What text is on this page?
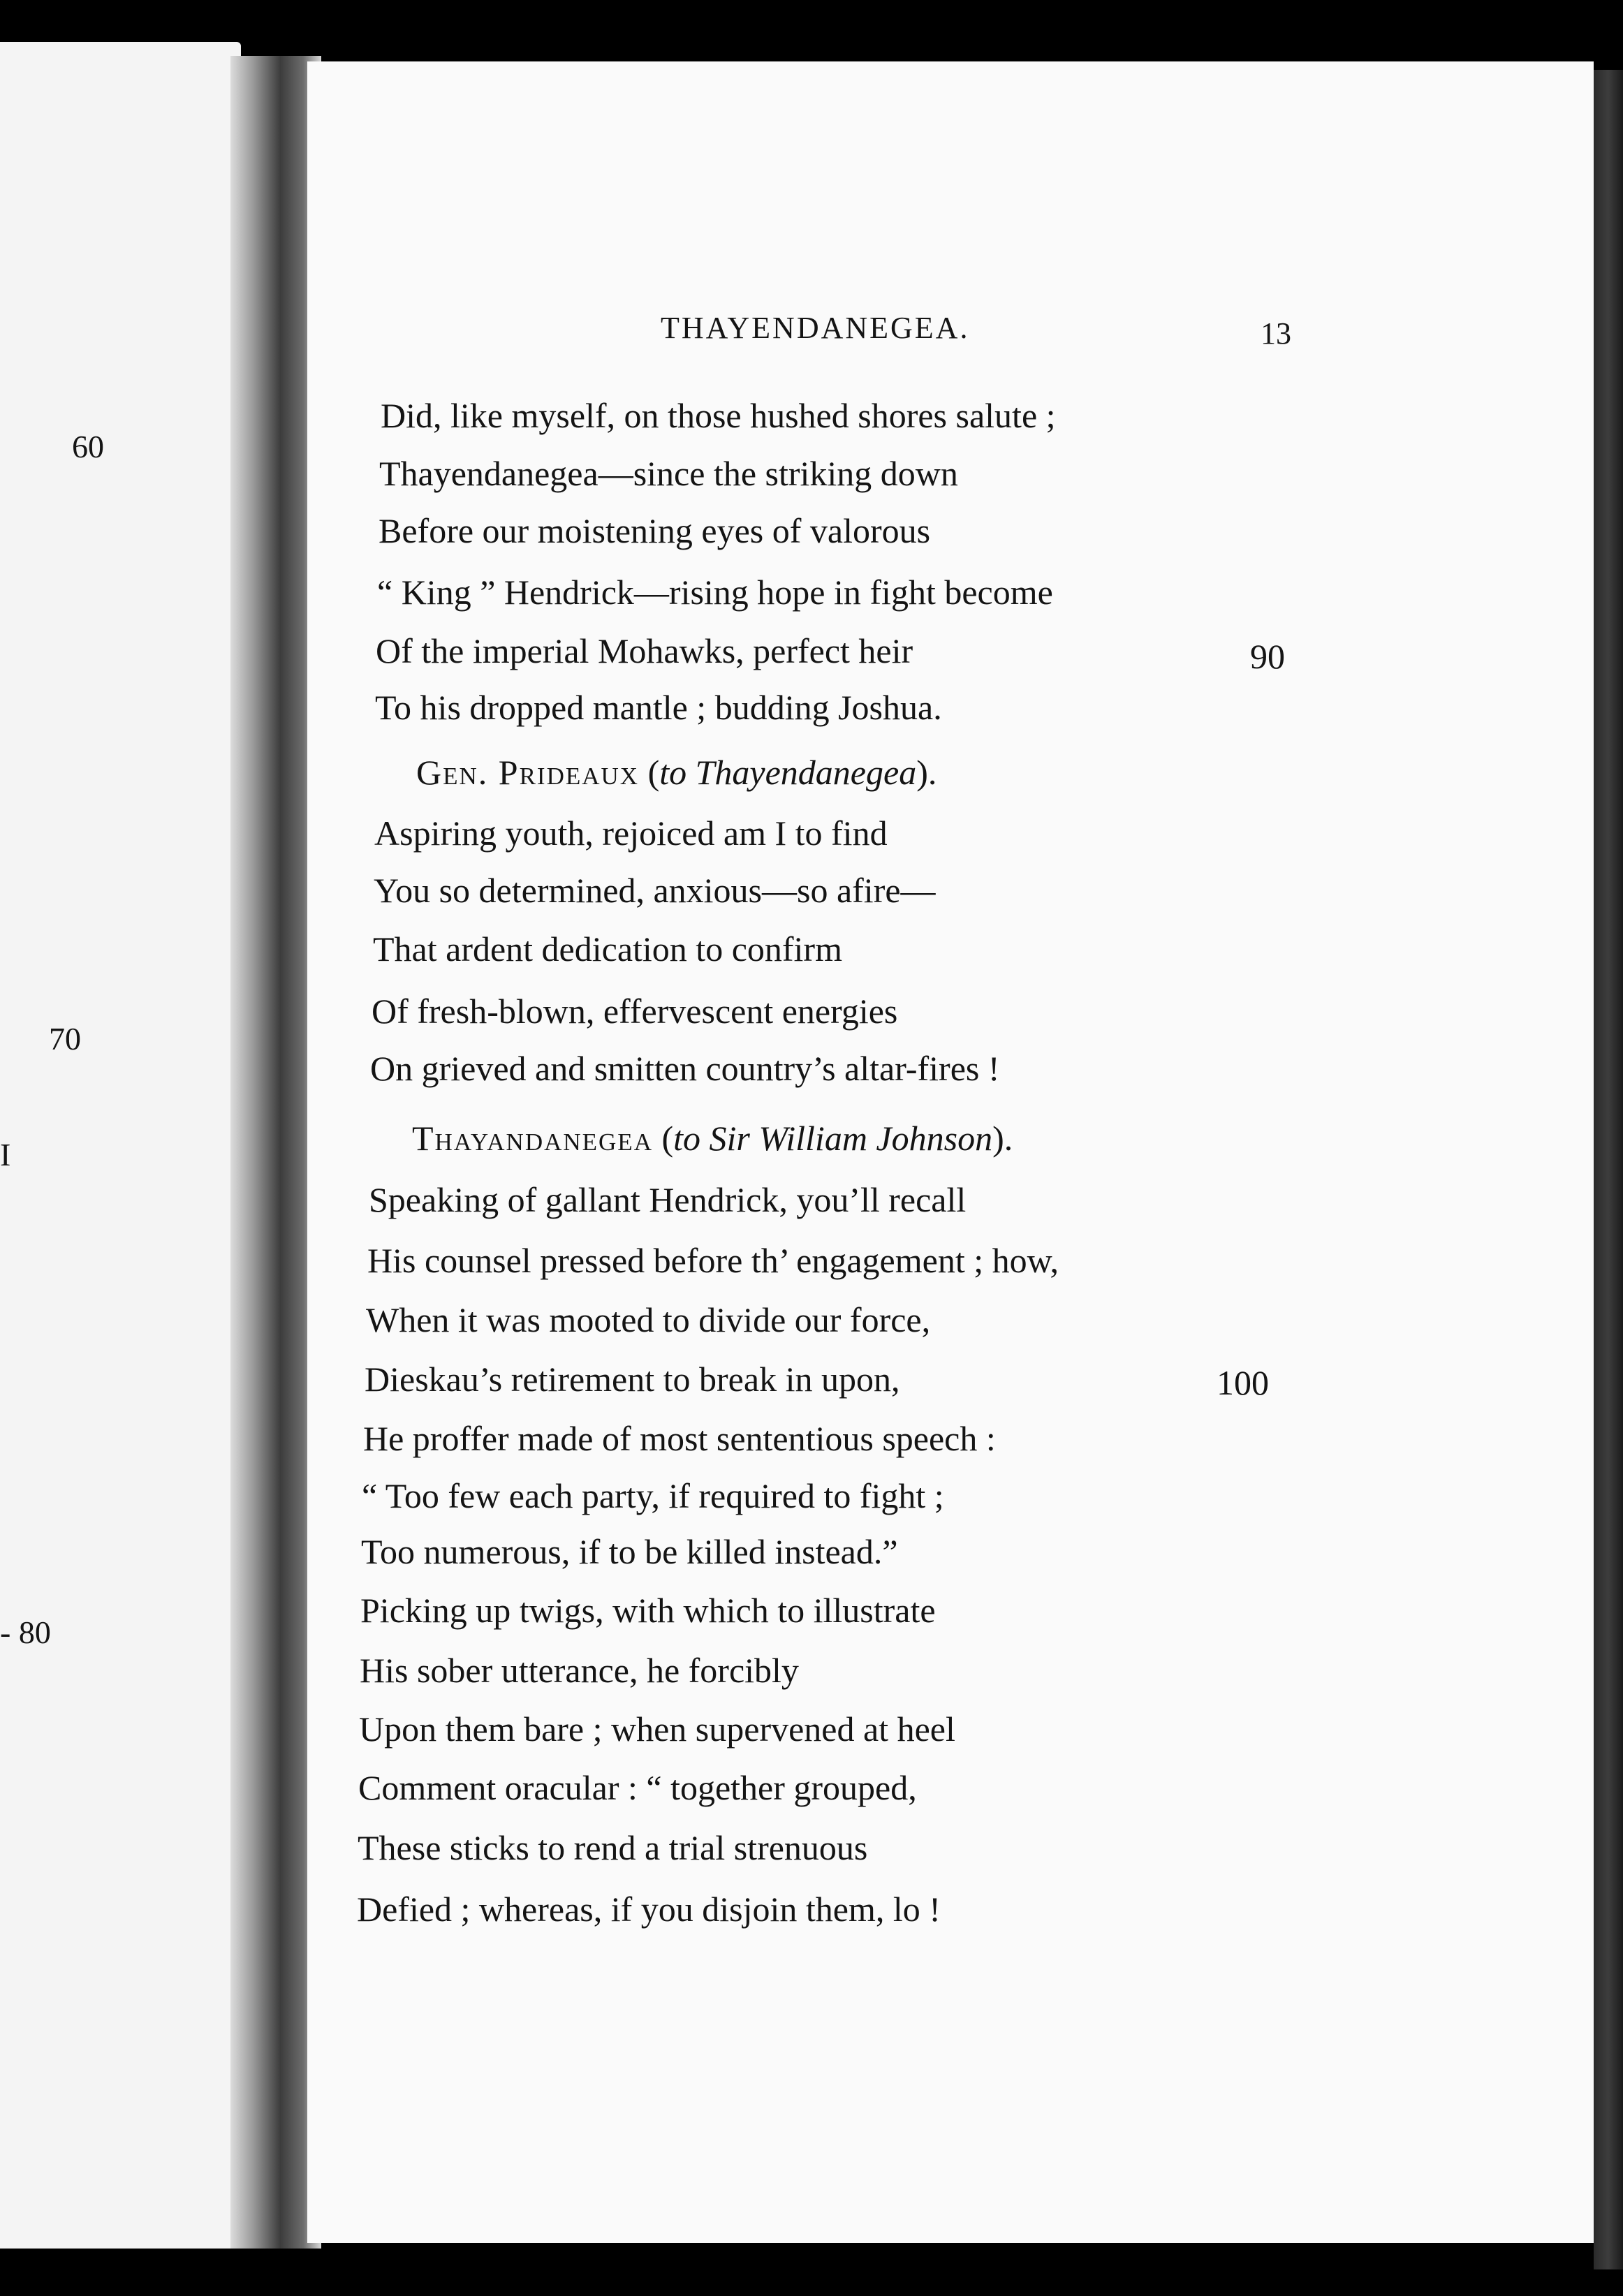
60
70
I
- 80
THAYENDANEGEA.	13
Did, like myself, on those hushed shores salute ;
Thayendanegea—since the striking down
Before our moistening eyes of valorous
“ King ” Hendrick—rising hope in fight become
Of the imperial Mohawks, perfect heir	90
To his dropped mantle ; budding Joshua.
Gen. Prideaux (to Thayendanegea).
Aspiring youth, rejoiced am I to find
You so determined, anxious—so afire—
That ardent dedication to confirm
Of fresh-blown, effervescent energies
On grieved and smitten country’s altar-fires !
Thayandanegea (to Sir William Johnson).
Speaking of gallant Hendrick, you’ll recall
His counsel pressed before th’ engagement ; how,
When it was mooted to divide our force,
Dieskau’s retirement to break in upon,	100
He proffer made of most sententious speech :
“ Too few each party, if required to fight ;
Too numerous, if to be killed instead.”
Picking up twigs, with which to illustrate
His sober utterance, he forcibly
Upon them bare ; when supervened at heel
Comment oracular : “ together grouped,
These sticks to rend a trial strenuous
Defied ; whereas, if you disjoin them, lo !
